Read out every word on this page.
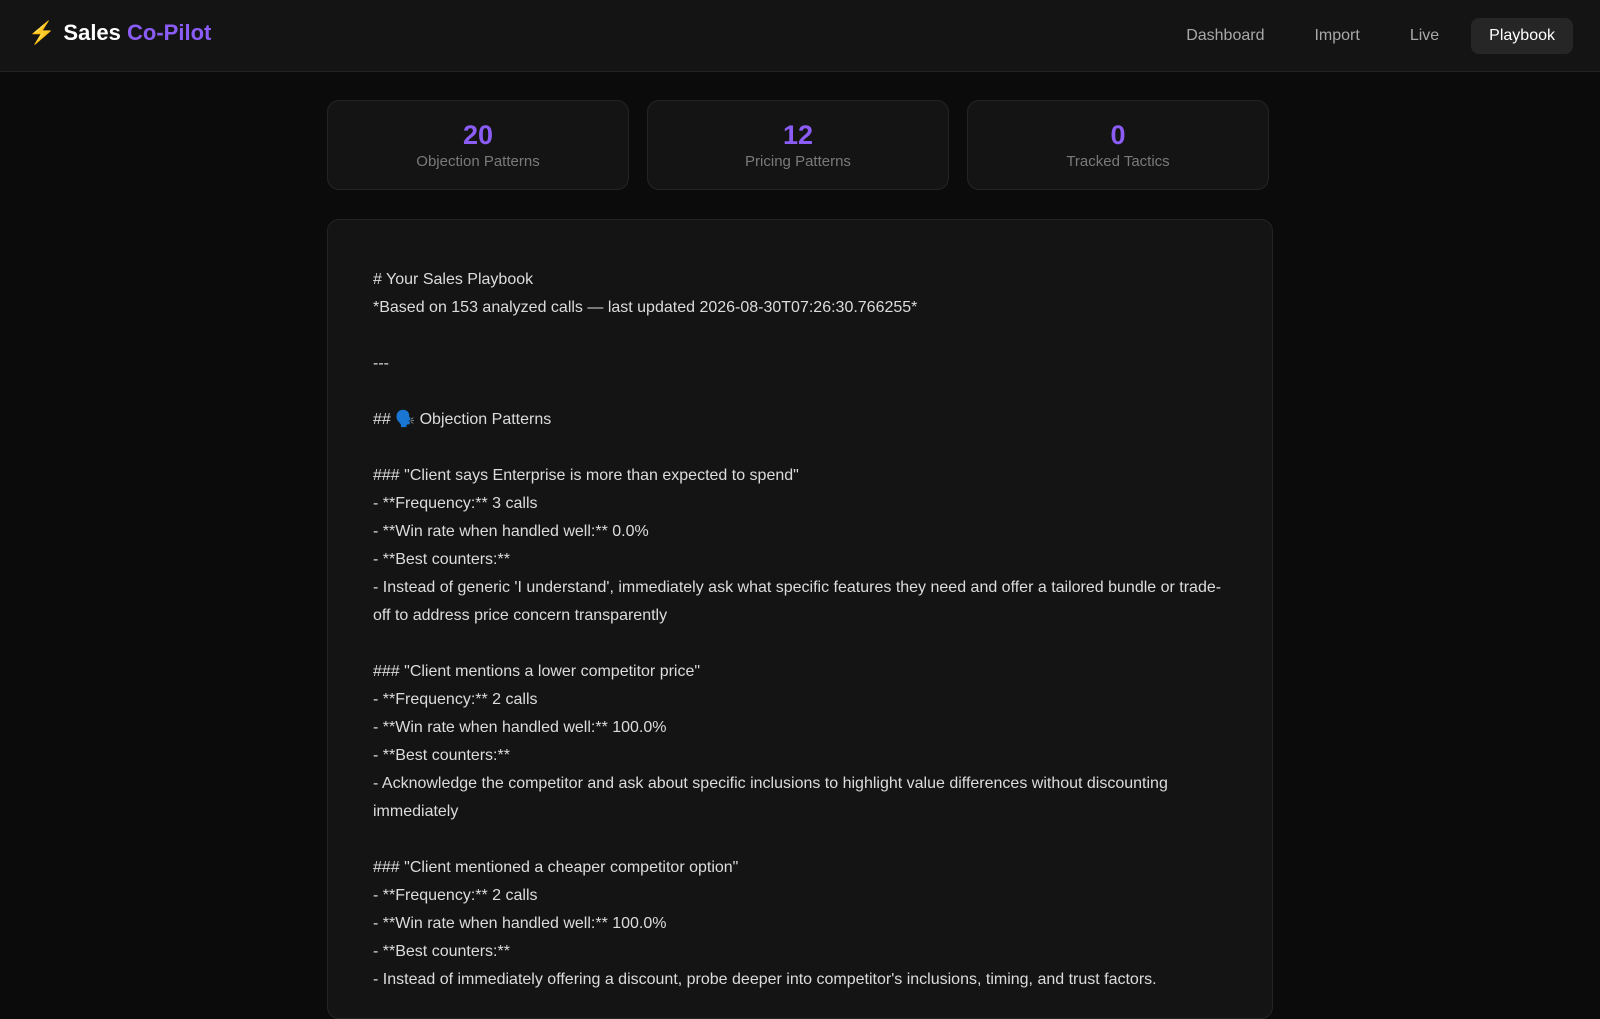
⚡ Sales Co-Pilot	Dashboard	Import	Live	Playbook
20
Objection Patterns
12
Pricing Patterns
0
Tracked Tactics
# Your Sales Playbook
*Based on 153 analyzed calls — last updated 2026-08-30T07:26:30.766255*
---
## 🗣️ Objection Patterns
### "Client says Enterprise is more than expected to spend"
- **Frequency:** 3 calls
- **Win rate when handled well:** 0.0%
- **Best counters:**
- Instead of generic 'I understand', immediately ask what specific features they need and offer a tailored bundle or trade-off to address price concern transparently
### "Client mentions a lower competitor price"
- **Frequency:** 2 calls
- **Win rate when handled well:** 100.0%
- **Best counters:**
- Acknowledge the competitor and ask about specific inclusions to highlight value differences without discounting immediately
### "Client mentioned a cheaper competitor option"
- **Frequency:** 2 calls
- **Win rate when handled well:** 100.0%
- **Best counters:**
- Instead of immediately offering a discount, probe deeper into competitor's inclusions, timing, and trust factors.
